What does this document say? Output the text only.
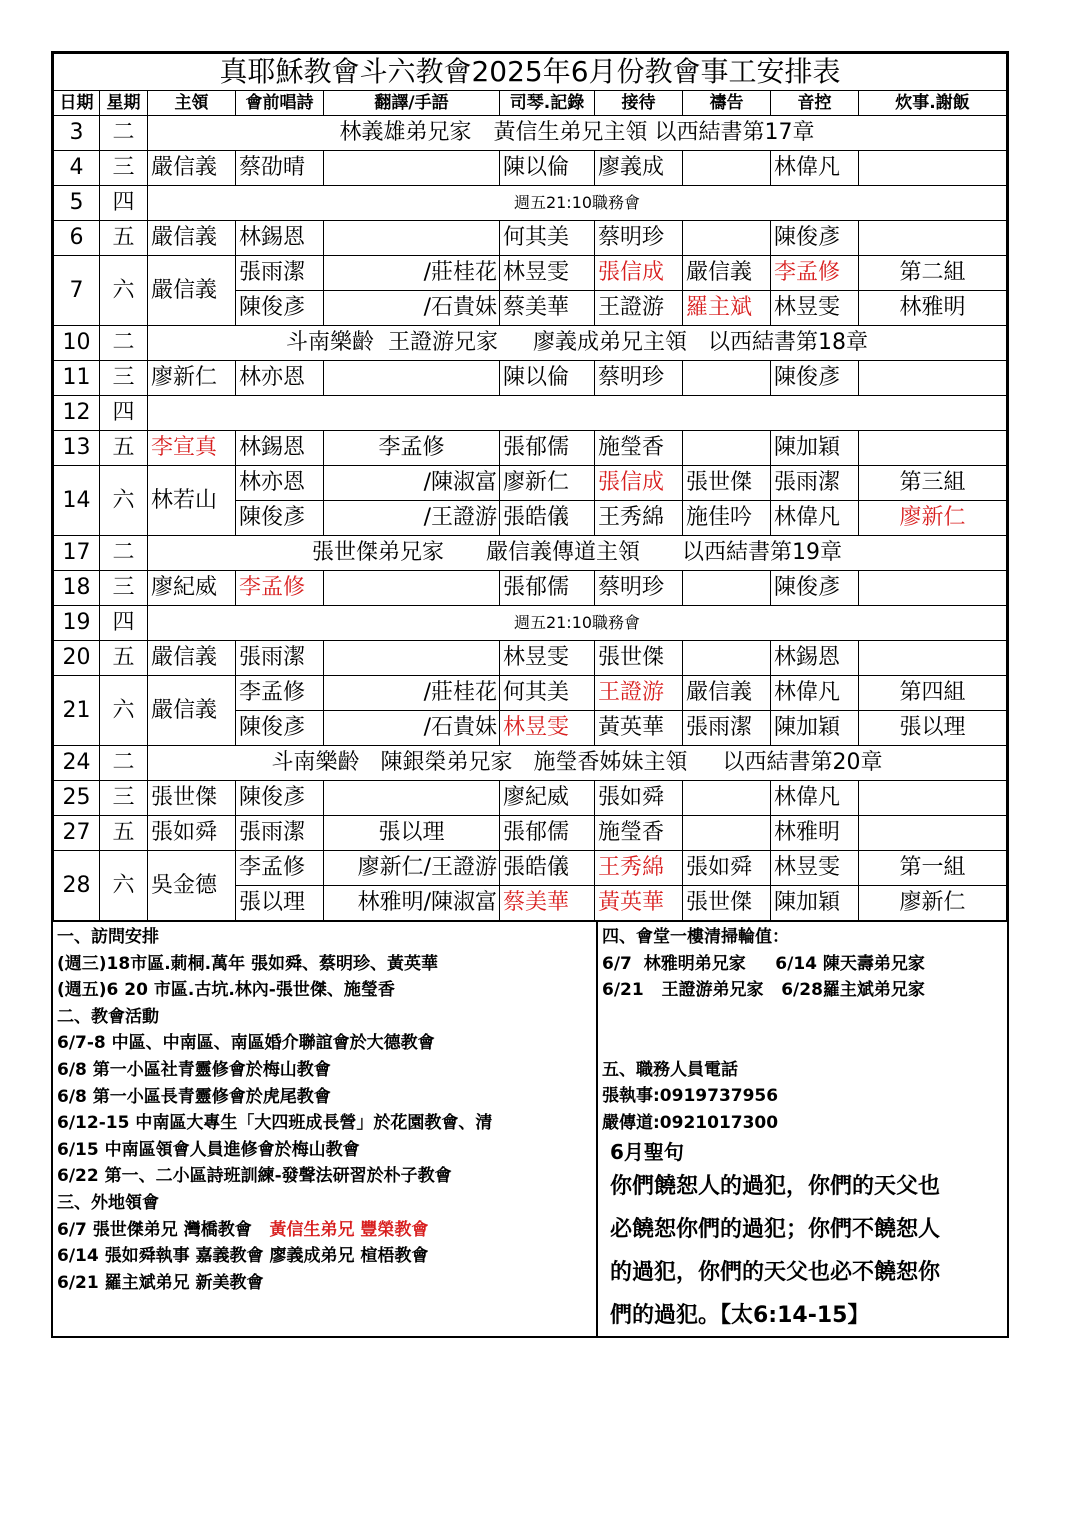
真耶穌教會斗六教會2025年6月份教會事工安排表									
日期	星期	主領	會前唱詩	翻譯/手語	司琴.記錄	接待	禱告	音控	炊事.謝飯
3	二	林義雄弟兄家　黃信生弟兄主領 以西結書第17章							
4	三	嚴信義	蔡劭晴		陳以倫	廖義成		林偉凡	
5	四	週五21:10職務會							
6	五	嚴信義	林錫恩		何其美	蔡明珍		陳俊彥	
7	六	嚴信義	張雨潔	/莊桂花	林昱雯	張信成	嚴信義	李孟修	第二組
			陳俊彥	/石貴妹	蔡美華	王證游	羅主斌	林昱雯	林雅明
10	二	斗南樂齡  王證游兄家     廖義成弟兄主領   以西結書第18章							
11	三	廖新仁	林亦恩		陳以倫	蔡明珍		陳俊彥	
12	四								
13	五	李宣真	林錫恩	李孟修	張郁儒	施瑩香		陳加穎	
14	六	林若山	林亦恩	/陳淑富	廖新仁	張信成	張世傑	張雨潔	第三組
			陳俊彥	/王證游	張皓儀	王秀綿	施佳吟	林偉凡	廖新仁
17	二	張世傑弟兄家      嚴信義傳道主領      以西結書第19章							
18	三	廖紀威	李孟修		張郁儒	蔡明珍		陳俊彥	
19	四	週五21:10職務會							
20	五	嚴信義	張雨潔		林昱雯	張世傑		林錫恩	
21	六	嚴信義	李孟修	/莊桂花	何其美	王證游	嚴信義	林偉凡	第四組
			陳俊彥	/石貴妹	林昱雯	黃英華	張雨潔	陳加穎	張以理
24	二	斗南樂齡   陳銀榮弟兄家   施瑩香姊妹主領     以西結書第20章							
25	三	張世傑	陳俊彥		廖紀威	張如舜		林偉凡	
27	五	張如舜	張雨潔	張以理	張郁儒	施瑩香		林雅明	
28	六	吳金德	李孟修	廖新仁/王證游	張皓儀	王秀綿	張如舜	林昱雯	第一組
			張以理	林雅明/陳淑富	蔡美華	黃英華	張世傑	陳加穎	廖新仁
一、訪問安排
(週三)18市區.莿桐.萬年 張如舜、蔡明珍、黃英華
(週五)6 20 市區.古坑.林內-張世傑、施瑩香
二、教會活動
6/7-8 中區、中南區、南區婚介聯誼會於大德教會
6/8 第一小區社青靈修會於梅山教會
6/8 第一小區長青靈修會於虎尾教會
6/12-15 中南區大專生「大四班成長營」於花園教會、清
6/15 中南區領會人員進修會於梅山教會
6/22 第一、二小區詩班訓練-發聲法研習於朴子教會
三、外地領會
6/7 張世傑弟兄 灣橋教會 黃信生弟兄 豐榮教會
6/14 張如舜執事 嘉義教會 廖義成弟兄 楦梧教會
6/21 羅主斌弟兄 新美教會
四、會堂一樓清掃輪值：
6/7  林雅明弟兄家     6/14 陳天壽弟兄家
6/21   王證游弟兄家   6/28羅主斌弟兄家
五、職務人員電話
張執事:0919737956
嚴傳道:0921017300
6月聖句
你們饒恕人的過犯，你們的天父也
必饒恕你們的過犯；你們不饒恕人
的過犯，你們的天父也必不饒恕你
們的過犯。【太6:14-15】
